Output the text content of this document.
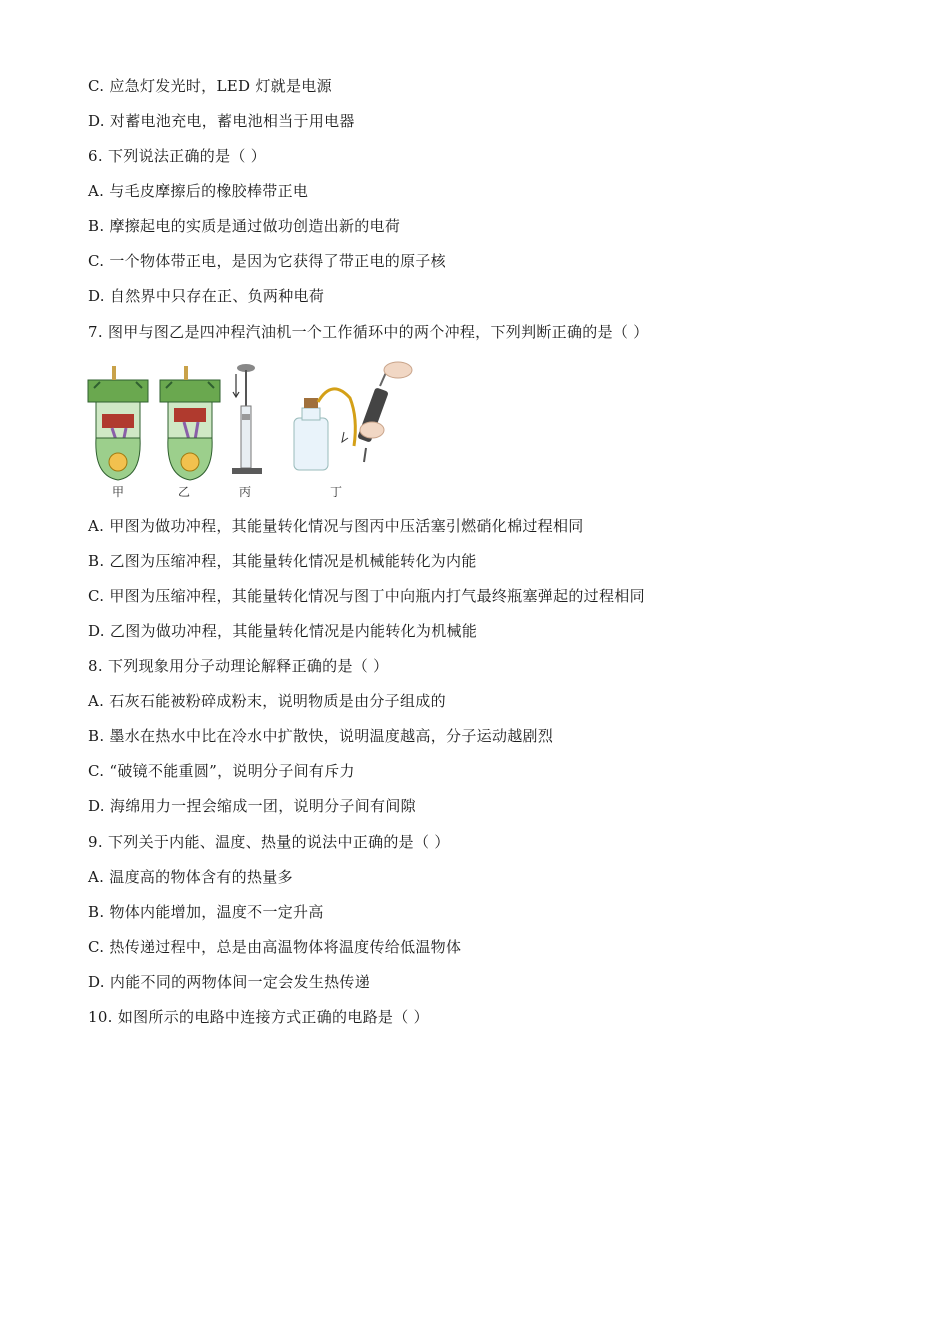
C. 应急灯发光时，LED 灯就是电源
D. 对蓄电池充电，蓄电池相当于用电器
6. 下列说法正确的是（ ）
A. 与毛皮摩擦后的橡胶棒带正电
B. 摩擦起电的实质是通过做功创造出新的电荷
C. 一个物体带正电，是因为它获得了带正电的原子核
D. 自然界中只存在正、负两种电荷
7. 图甲与图乙是四冲程汽油机一个工作循环中的两个冲程，下列判断正确的是（ ）
甲	乙	丙	丁
A. 甲图为做功冲程，其能量转化情况与图丙中压活塞引燃硝化棉过程相同
B. 乙图为压缩冲程，其能量转化情况是机械能转化为内能
C. 甲图为压缩冲程，其能量转化情况与图丁中向瓶内打气最终瓶塞弹起的过程相同
D. 乙图为做功冲程，其能量转化情况是内能转化为机械能
8. 下列现象用分子动理论解释正确的是（ ）
A. 石灰石能被粉碎成粉末，说明物质是由分子组成的
B. 墨水在热水中比在冷水中扩散快，说明温度越高，分子运动越剧烈
C. “破镜不能重圆”，说明分子间有斥力
D. 海绵用力一捏会缩成一团，说明分子间有间隙
9. 下列关于内能、温度、热量的说法中正确的是（ ）
A. 温度高的物体含有的热量多
B. 物体内能增加，温度不一定升高
C. 热传递过程中，总是由高温物体将温度传给低温物体
D. 内能不同的两物体间一定会发生热传递
10. 如图所示的电路中连接方式正确的电路是（ ）
